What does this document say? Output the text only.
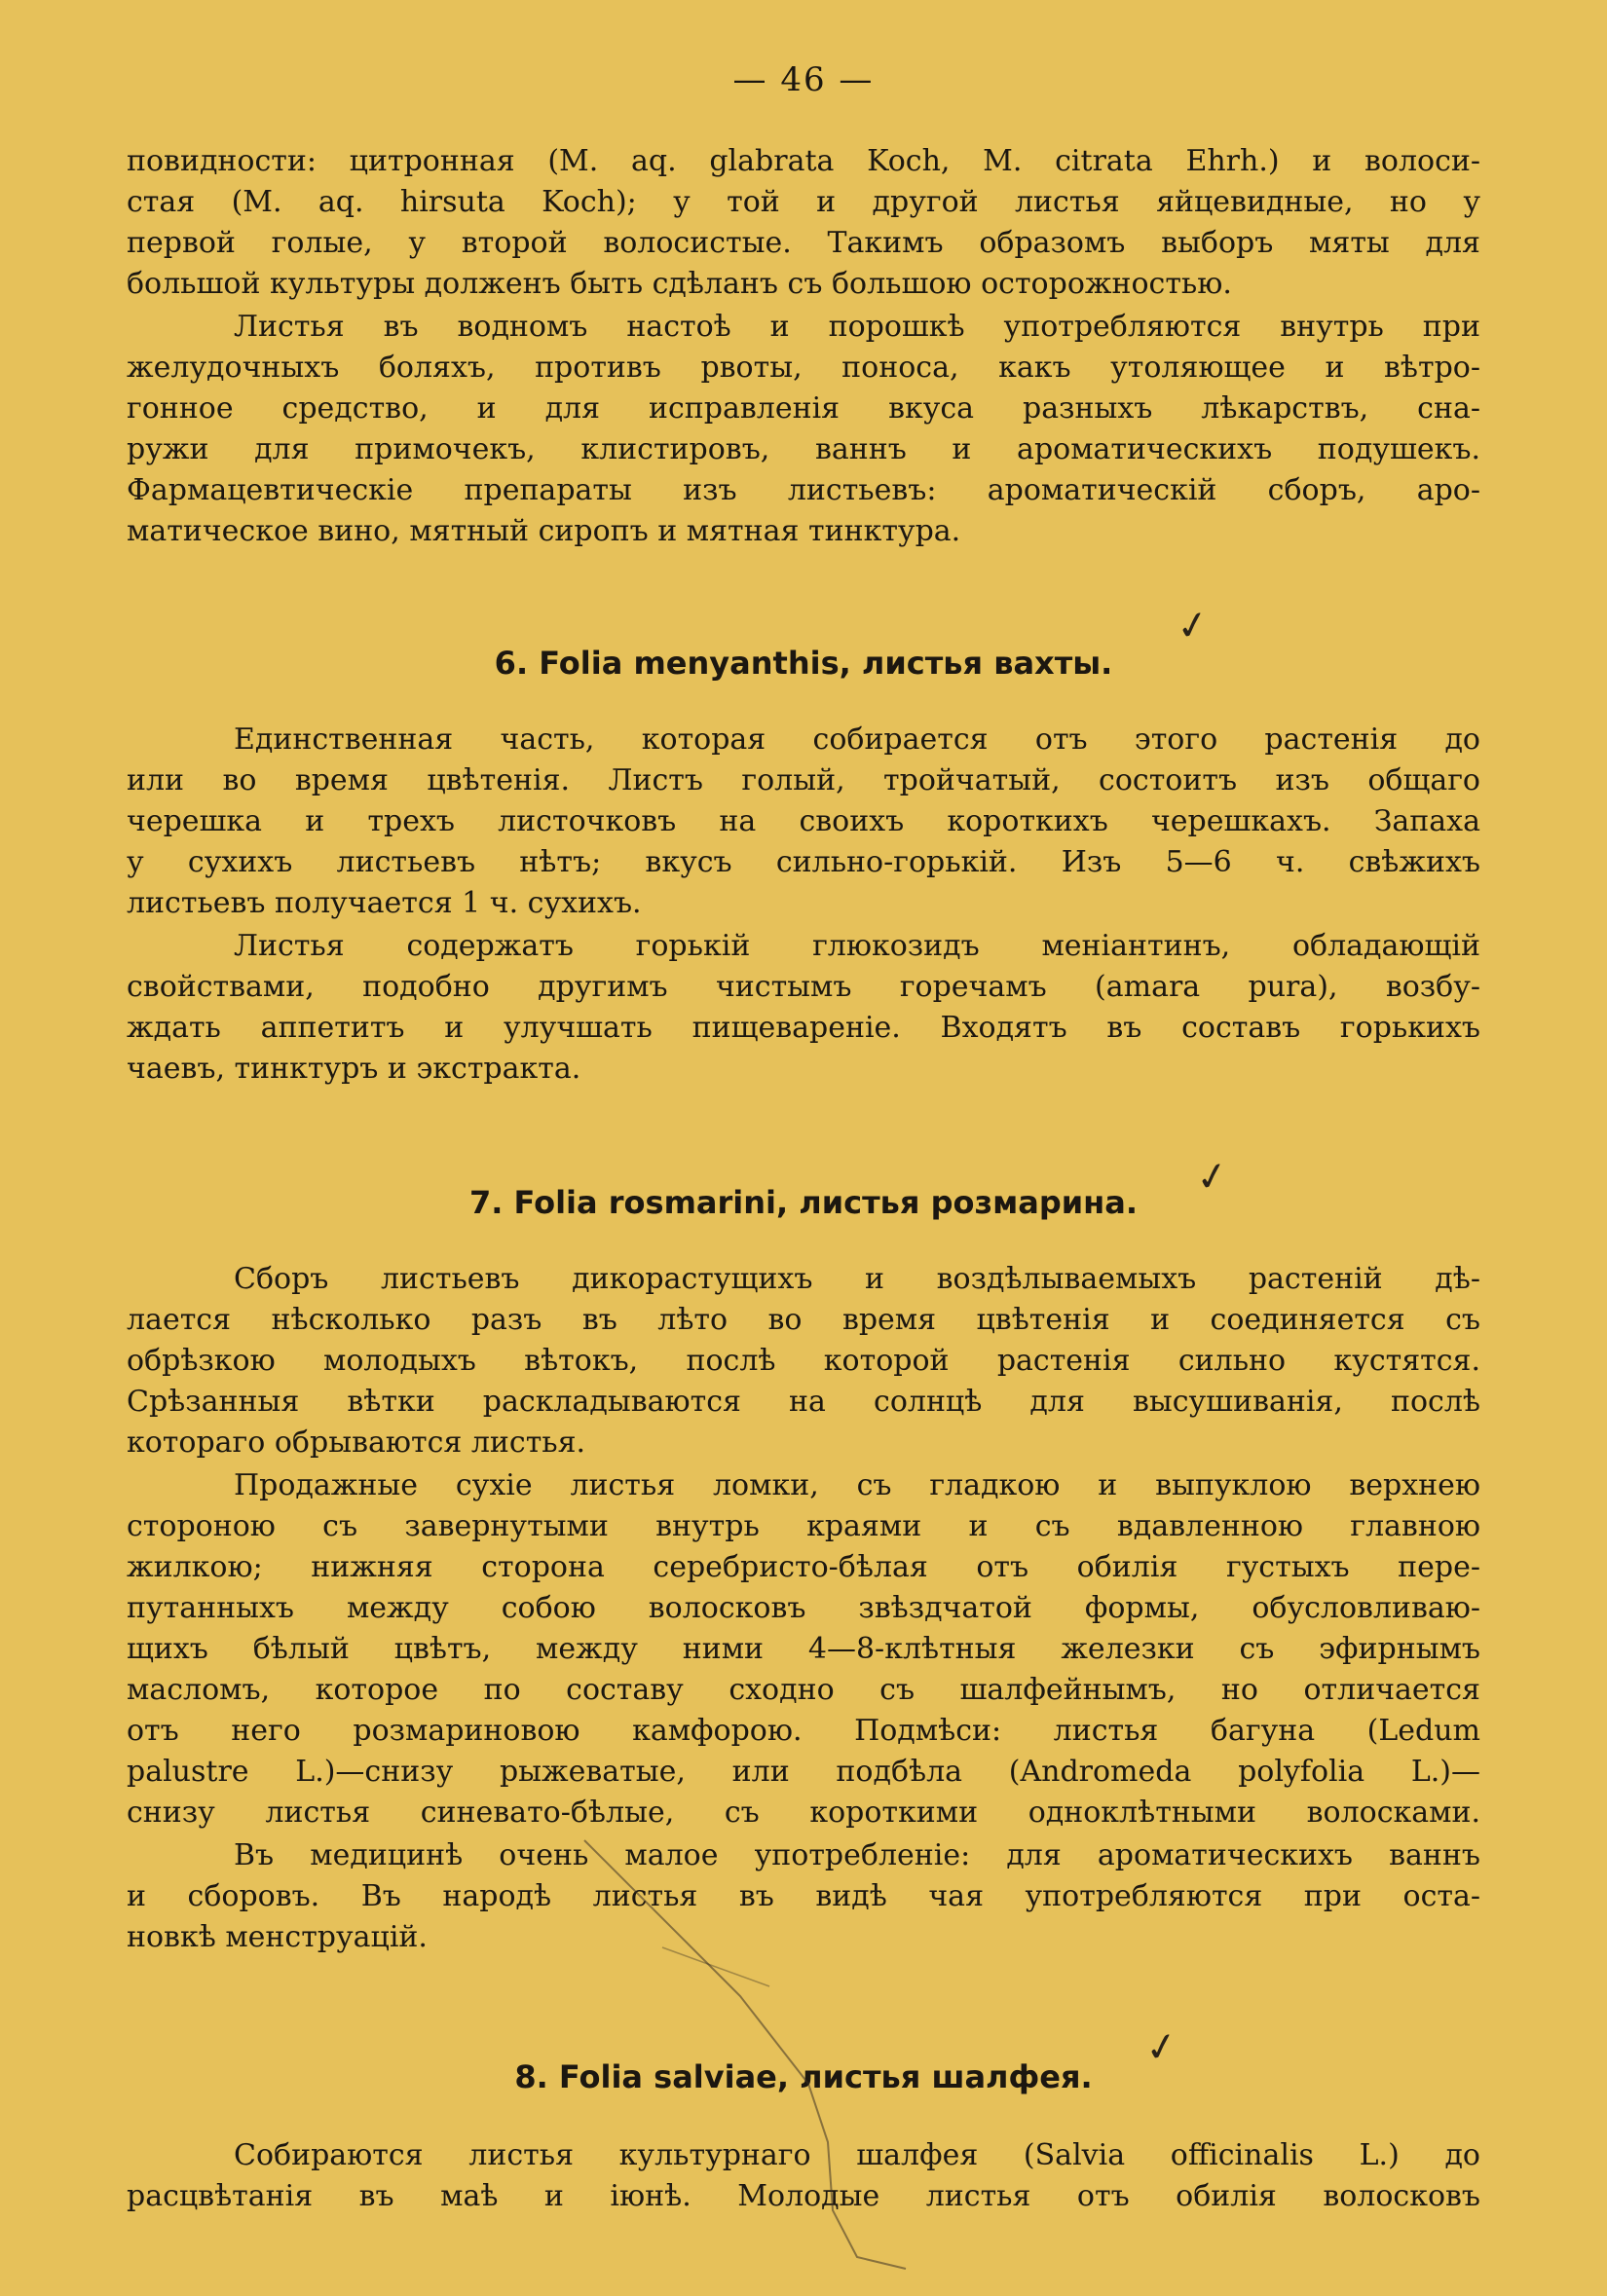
— 46 —
повидности: цитронная (M. aq. glabrata Koch, M. citrata Ehrh.) и волоси-
стая (M. aq. hirsuta Koch); у той и другой листья яйцевидные, но у
первой голые, у второй волосистые. Такимъ образомъ выборъ мяты для
большой культуры долженъ быть сдѣланъ съ большою осторожностью.
Листья въ водномъ настоѣ и порошкѣ употребляются внутрь при
желудочныхъ боляхъ, противъ рвоты, поноса, какъ утоляющее и вѣтро-
гонное средство, и для исправленія вкуса разныхъ лѣкарствъ, сна-
ружи для примочекъ, клистировъ, ваннъ и ароматическихъ подушекъ.
Фармацевтическіе препараты изъ листьевъ: ароматическій сборъ, аро-
матическое вино, мятный сиропъ и мятная тинктура.
6. Folia menyanthis, листья вахты.
✓
Единственная часть, которая собирается отъ этого растенія до
или во время цвѣтенія. Листъ голый, тройчатый, состоитъ изъ общаго
черешка и трехъ листочковъ на своихъ короткихъ черешкахъ. Запаха
у сухихъ листьевъ нѣтъ; вкусъ сильно-горькій. Изъ 5—6 ч. свѣжихъ
листьевъ получается 1 ч. сухихъ.
Листья содержатъ горькій глюкозидъ меніантинъ, обладающій
свойствами, подобно другимъ чистымъ горечамъ (amara pura), возбу-
ждать аппетитъ и улучшать пищевареніе. Входятъ въ составъ горькихъ
чаевъ, тинктуръ и экстракта.
7. Folia rosmarini, листья розмарина.
✓
Сборъ листьевъ дикорастущихъ и воздѣлываемыхъ растеній дѣ-
лается нѣсколько разъ въ лѣто во время цвѣтенія и соединяется съ
обрѣзкою молодыхъ вѣтокъ, послѣ которой растенія сильно кустятся.
Срѣзанныя вѣтки раскладываются на солнцѣ для высушиванія, послѣ
котораго обрываются листья.
Продажные сухіе листья ломки, съ гладкою и выпуклою верхнею
стороною съ завернутыми внутрь краями и съ вдавленною главною
жилкою; нижняя сторона серебристо-бѣлая отъ обилія густыхъ пере-
путанныхъ между собою волосковъ звѣздчатой формы, обусловливаю-
щихъ бѣлый цвѣтъ, между ними 4—8-клѣтныя железки съ эфирнымъ
масломъ, которое по составу сходно съ шалфейнымъ, но отличается
отъ него розмариновою камфорою. Подмѣси: листья багуна (Ledum
palustre L.)—снизу рыжеватые, или подбѣла (Andromeda polyfolia L.)—
снизу листья синевато-бѣлые, съ короткими одноклѣтными волосками.
Въ медицинѣ очень малое употребленіе: для ароматическихъ ваннъ
и сборовъ. Въ народѣ листья въ видѣ чая употребляются при оста-
новкѣ менструацій.
8. Folia salviae, листья шалфея.
✓
Собираются листья культурнаго шалфея (Salvia officinalis L.) до
расцвѣтанія въ маѣ и іюнѣ. Молодые листья отъ обилія волосковъ
